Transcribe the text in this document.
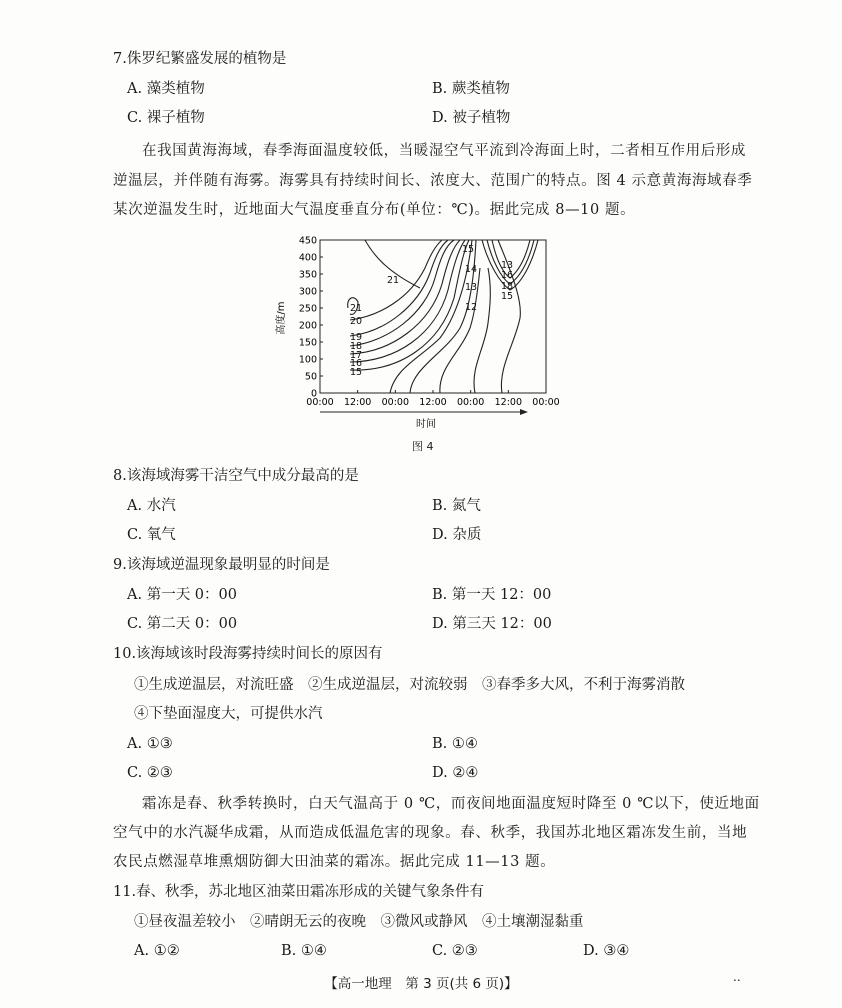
7.侏罗纪繁盛发展的植物是
A. 藻类植物	B. 蕨类植物
C. 裸子植物	D. 被子植物
在我国黄海海域，春季海面温度较低，当暖湿空气平流到冷海面上时，二者相互作用后形成
逆温层，并伴随有海雾。海雾具有持续时间长、浓度大、范围广的特点。图 4 示意黄海海域春季
某次逆温发生时，近地面大气温度垂直分布(单位：℃)。据此完成 8—10 题。
0
50
100
150
200
250
300
350
400
450
00:00 12:00 00:00 12:00 00:00 12:00 00:00
高度/m
时间
21
21
20
19
18
17
16
15
15
14
13
12
13
16
18
15
图 4
8.该海域海雾干洁空气中成分最高的是
A. 水汽	B. 氮气
C. 氧气	D. 杂质
9.该海域逆温现象最明显的时间是
A. 第一天 0：00	B. 第一天 12：00
C. 第二天 0：00	D. 第三天 12：00
10.该海域该时段海雾持续时间长的原因有
①生成逆温层，对流旺盛　②生成逆温层，对流较弱　③春季多大风，不利于海雾消散
④下垫面湿度大，可提供水汽
A. ①③	B. ①④
C. ②③	D. ②④
霜冻是春、秋季转换时，白天气温高于 0 ℃，而夜间地面温度短时降至 0 ℃以下，使近地面
空气中的水汽凝华成霜，从而造成低温危害的现象。春、秋季，我国苏北地区霜冻发生前，当地
农民点燃湿草堆熏烟防御大田油菜的霜冻。据此完成 11—13 题。
11.春、秋季，苏北地区油菜田霜冻形成的关键气象条件有
①昼夜温差较小　②晴朗无云的夜晚　③微风或静风　④土壤潮湿黏重
A. ①②	B. ①④	C. ②③	D. ③④
【高一地理　第 3 页(共 6 页)】	..
